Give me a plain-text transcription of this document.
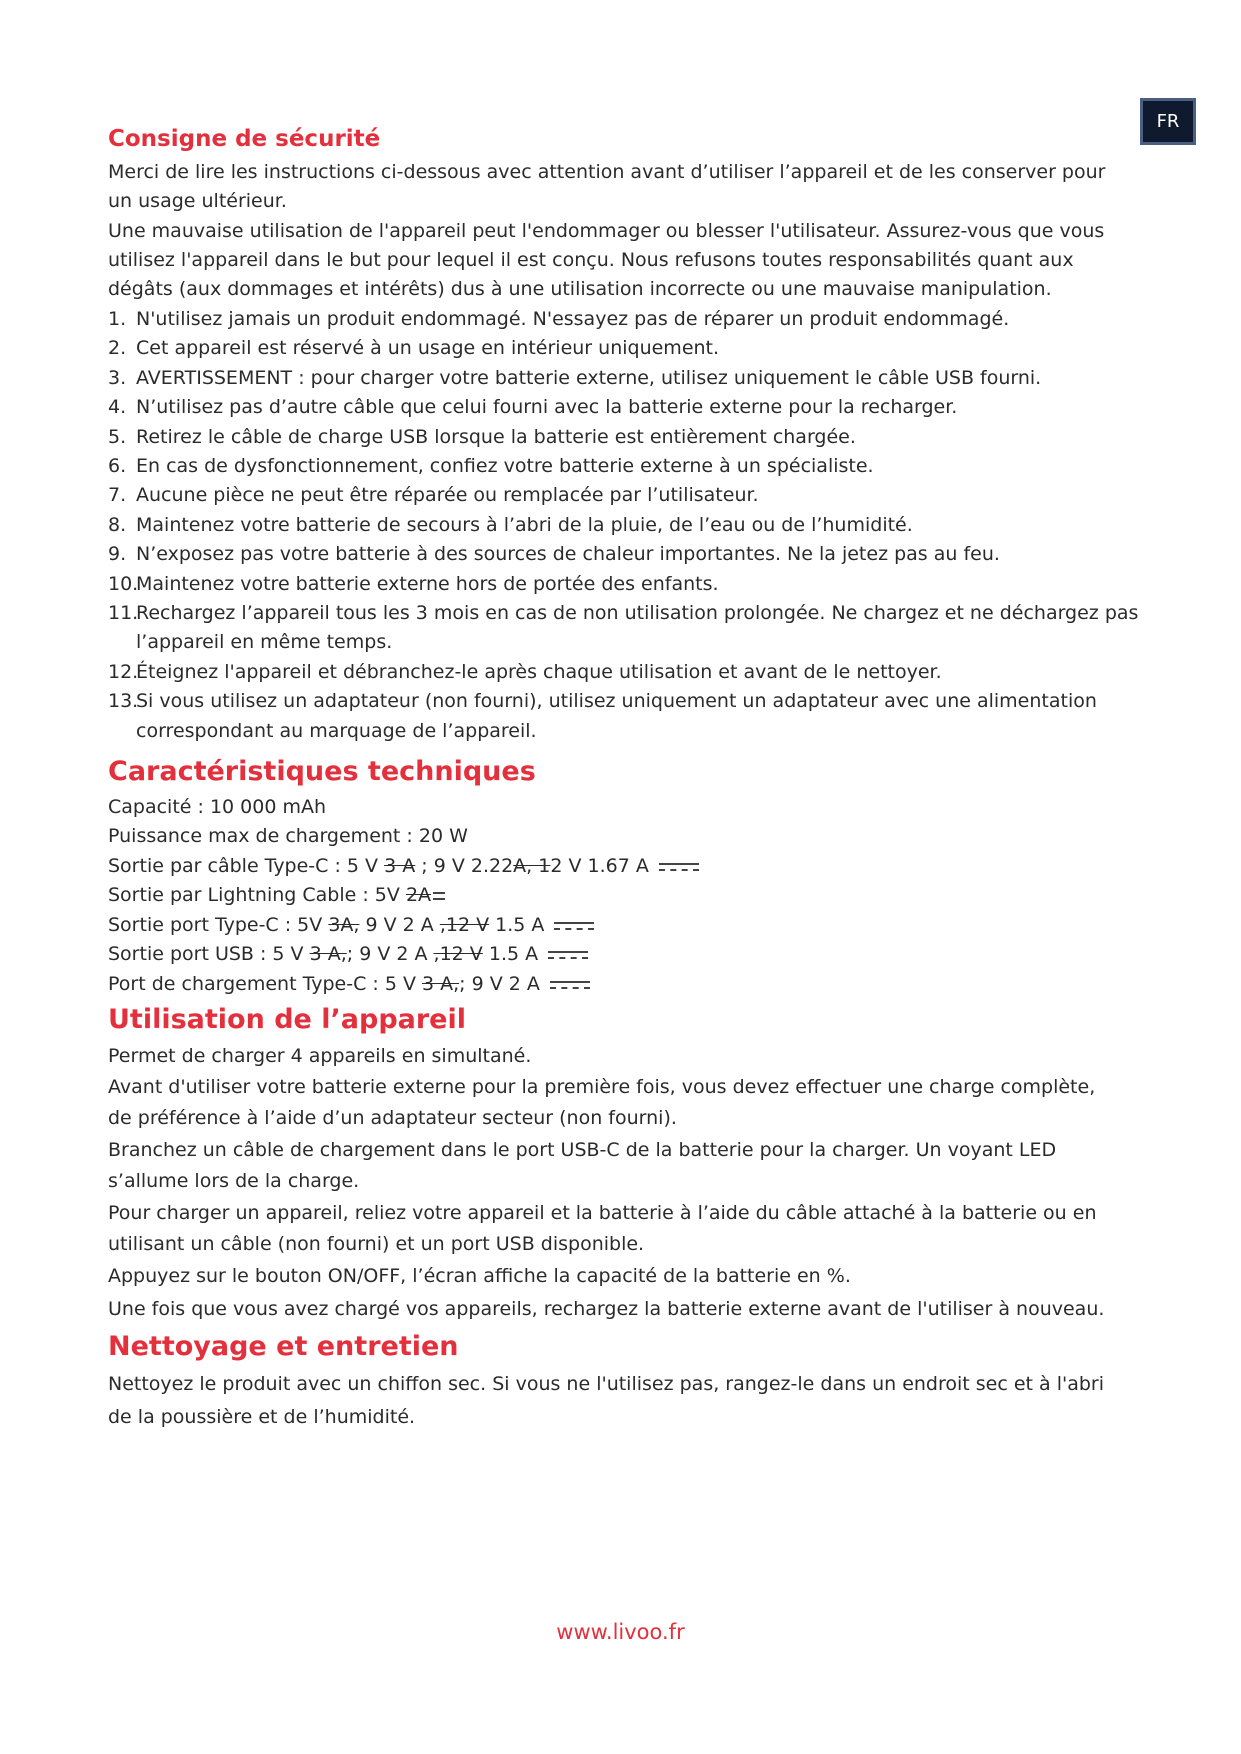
FR
Consigne de sécurité
Merci de lire les instructions ci-dessous avec attention avant d’utiliser l’appareil et de les conserver pour
un usage ultérieur.
Une mauvaise utilisation de l'appareil peut l'endommager ou blesser l'utilisateur. Assurez-vous que vous
utilisez l'appareil dans le but pour lequel il est conçu. Nous refusons toutes responsabilités quant aux
dégâts (aux dommages et intérêts) dus à une utilisation incorrecte ou une mauvaise manipulation.
1. N'utilisez jamais un produit endommagé. N'essayez pas de réparer un produit endommagé.
2. Cet appareil est réservé à un usage en intérieur uniquement.
3. AVERTISSEMENT : pour charger votre batterie externe, utilisez uniquement le câble USB fourni.
4. N’utilisez pas d’autre câble que celui fourni avec la batterie externe pour la recharger.
5. Retirez le câble de charge USB lorsque la batterie est entièrement chargée.
6. En cas de dysfonctionnement, confiez votre batterie externe à un spécialiste.
7. Aucune pièce ne peut être réparée ou remplacée par l’utilisateur.
8. Maintenez votre batterie de secours à l’abri de la pluie, de l’eau ou de l’humidité.
9. N’exposez pas votre batterie à des sources de chaleur importantes. Ne la jetez pas au feu.
10.
Maintenez votre batterie externe hors de portée des enfants.
11.
Rechargez l’appareil tous les 3 mois en cas de non utilisation prolongée. Ne chargez et ne déchargez pas l’appareil en même temps.
12.
Éteignez l'appareil et débranchez-le après chaque utilisation et avant de le nettoyer.
13.
Si vous utilisez un adaptateur (non fourni), utilisez uniquement un adaptateur avec une alimentation correspondant au marquage de l’appareil.
Caractéristiques techniques
Capacité : 10 000 mAh
Puissance max de chargement : 20 W
Sortie par câble Type-C : 5 V 3 A ; 9 V 2.22A, 12 V 1.67 A
Sortie par Lightning Cable : 5V 2A
Sortie port Type-C : 5V 3A, 9 V 2 A ,12 V 1.5 A
Sortie port USB : 5 V 3 A,; 9 V 2 A ,12 V 1.5 A
Port de chargement Type-C : 5 V 3 A,; 9 V 2 A
Utilisation de l’appareil
Permet de charger 4 appareils en simultané.
Avant d'utiliser votre batterie externe pour la première fois, vous devez effectuer une charge complète,
de préférence à l’aide d’un adaptateur secteur (non fourni).
Branchez un câble de chargement dans le port USB-C de la batterie pour la charger. Un voyant LED
s’allume lors de la charge.
Pour charger un appareil, reliez votre appareil et la batterie à l’aide du câble attaché à la batterie ou en
utilisant un câble (non fourni) et un port USB disponible.
Appuyez sur le bouton ON/OFF, l’écran affiche la capacité de la batterie en %.
Une fois que vous avez chargé vos appareils, rechargez la batterie externe avant de l'utiliser à nouveau.
Nettoyage et entretien
Nettoyez le produit avec un chiffon sec. Si vous ne l'utilisez pas, rangez-le dans un endroit sec et à l'abri
de la poussière et de l’humidité.
www.livoo.fr
